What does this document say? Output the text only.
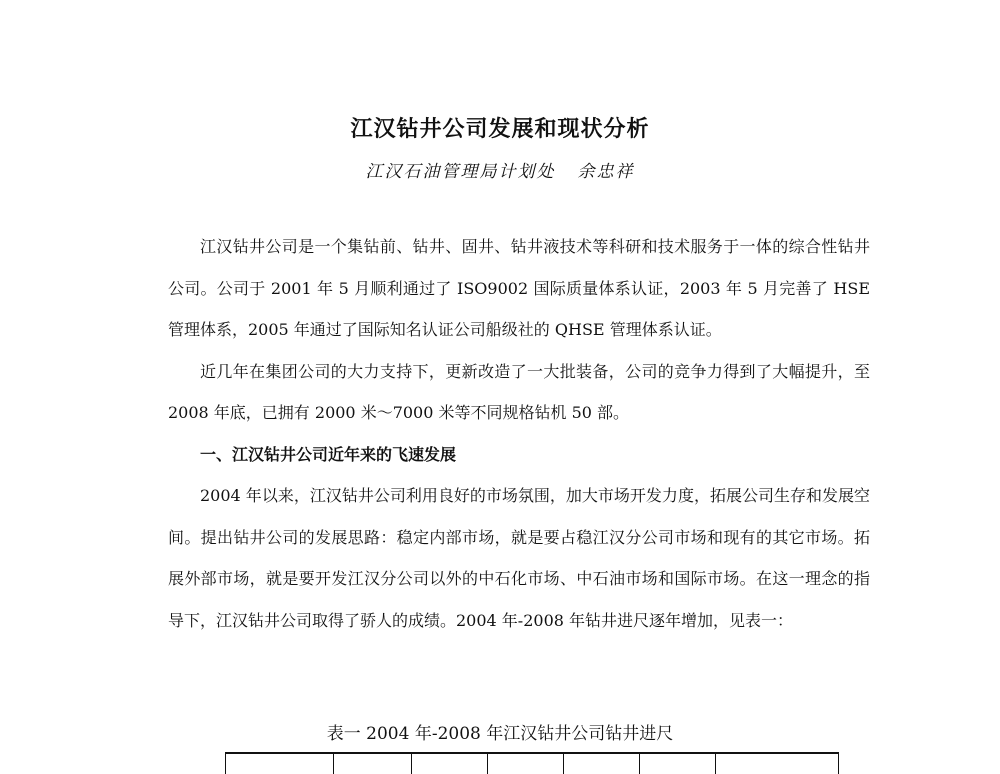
江汉钻井公司发展和现状分析
江汉石油管理局计划处 余忠祥

江汉钻井公司是一个集钻前、钻井、固井、钻井液技术等科研和技术服务于一体的综合性钻井公司。公司于 2001 年 5 月顺利通过了 ISO9002 国际质量体系认证，2003 年 5 月完善了 HSE 管理体系，2005 年通过了国际知名认证公司船级社的 QHSE 管理体系认证。

近几年在集团公司的大力支持下，更新改造了一大批装备，公司的竞争力得到了大幅提升，至 2008 年底，已拥有 2000 米～7000 米等不同规格钻机 50 部。

一、江汉钻井公司近年来的飞速发展

2004 年以来，江汉钻井公司利用良好的市场氛围，加大市场开发力度，拓展公司生存和发展空间。提出钻井公司的发展思路：稳定内部市场，就是要占稳江汉分公司市场和现有的其它市场。拓展外部市场，就是要开发江汉分公司以外的中石化市场、中石油市场和国际市场。在这一理念的指导下，江汉钻井公司取得了骄人的成绩。2004 年-2008 年钻井进尺逐年增加，见表一：

表一 2004 年-2008 年江汉钻井公司钻井进尺
